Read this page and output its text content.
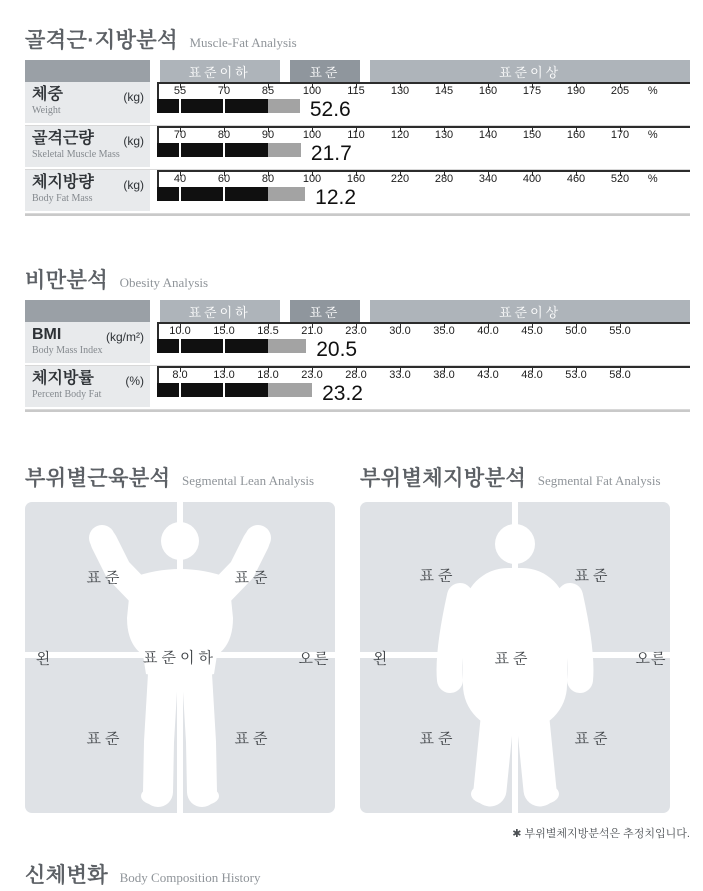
골격근·지방분석 Muscle-Fat Analysis
표준이하	표준	표준이상
체중	(kg)
Weight
55	70	85	100 115 130 145 160 175 190 205 %
52.6
골격근량	(kg)
Skeletal Muscle Mass
70	80	90	100 110 120 130 140 150 160 170 %
21.7
체지방량	(kg)
Body Fat Mass
40	60	80	100 160 220 280 340 400 460 520 %
12.2
비만분석 Obesity Analysis
표준이하	표준	표준이상
BMI	(kg/m²)
Body Mass Index
10.0 15.0 18.5 21.0 23.0 30.0 35.0 40.0 45.0 50.0 55.0
20.5
체지방률	(%)
Percent Body Fat
8.0 13.0 18.0 23.0 28.0 33.0 38.0 43.0 48.0 53.0 58.0
23.2
부위별근육분석 Segmental Lean Analysis
표준	표준
왼	표준이하	오른
표준	표준
부위별체지방분석 Segmental Fat Analysis
표준	표준
왼	표준	오른
표준	표준
✱ 부위별체지방분석은 추정치입니다.
신체변화 Body Composition History
